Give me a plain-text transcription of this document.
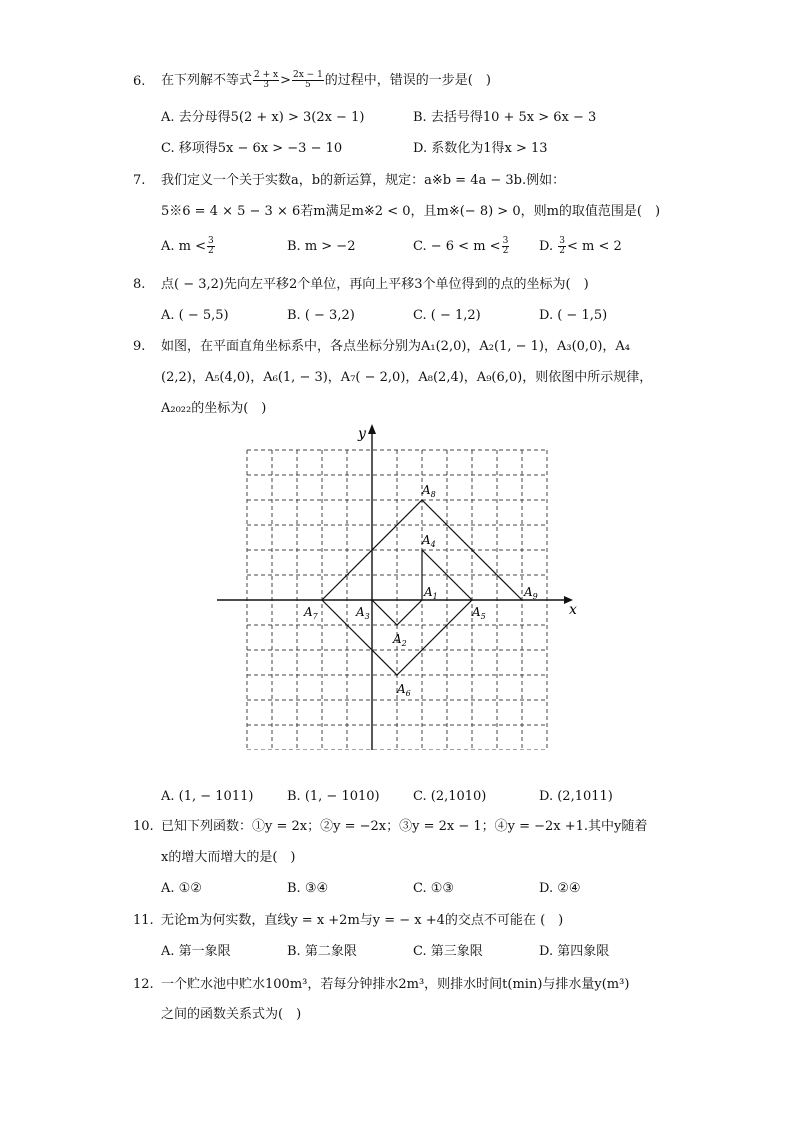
6. 在下列解不等式 $\frac{2 + x}{3} > \frac{2x - 1}{5}$ 的过程中，错误的一步是(　)
A. 去分母得5(2 + x) > 3(2x − 1)	B. 去括号得10 + 5x > 6x − 3
C. 移项得5x − 6x > −3 − 10	D. 系数化为1得x > 13
7. 我们定义一个关于实数a，b的新运算，规定：a※b = 4a − 3b.例如：
5※6 = 4 × 5 − 3 × 6若m满足m※2 < 0，且m※(− 8) > 0，则m的取值范围是(　)
A. $m < \frac{3}{2}$	B. m > −2	C. − $6 < m < \frac{3}{2} D$. $\frac{3}{2} < m < 2$
8. 点( − 3,2)先向左平移2个单位，再向上平移3个单位得到的点的坐标为(　)
A. ( − 5,5)	B. ( − 3,2)	C. ( − 1,2)	D. ( − 1,5)
9. 如图，在平面直角坐标系中，各点坐标分别为A₁(2,0)，A₂(1, − 1)，A₃(0,0)，A₄
(2,2)，A₅(4,0)，A₆(1, − 3)，A₇( − 2,0)，A₈(2,4)，A₉(6,0)，则依图中所示规律，
A₂₀₂₂的坐标为(　)
x
y
$A_1$
$A_2$
$A_3$
$A_4$
$A_5$
$A_6$
$A_7$
$A_8$
$A_9$
A. (1, − 1011)	B. (1, − 1010)	C. (2,1010)	D. (2,1011)
10. 已知下列函数：①y = 2x；②y = −2x；③y = 2x − 1；④y = −2x +1.其中y随着
x的增大而增大的是(　)
A. ①②	B. ③④	C. ①③	D. ②④
11. 无论m为何实数，直线y = x +2m与y = − x +4的交点不可能在 (　)
A. 第一象限	B. 第二象限	C. 第三象限	D. 第四象限
12. 一个贮水池中贮水100m³，若每分钟排水2m³，则排水时间t(min)与排水量y(m³)
之间的函数关系式为(　)
